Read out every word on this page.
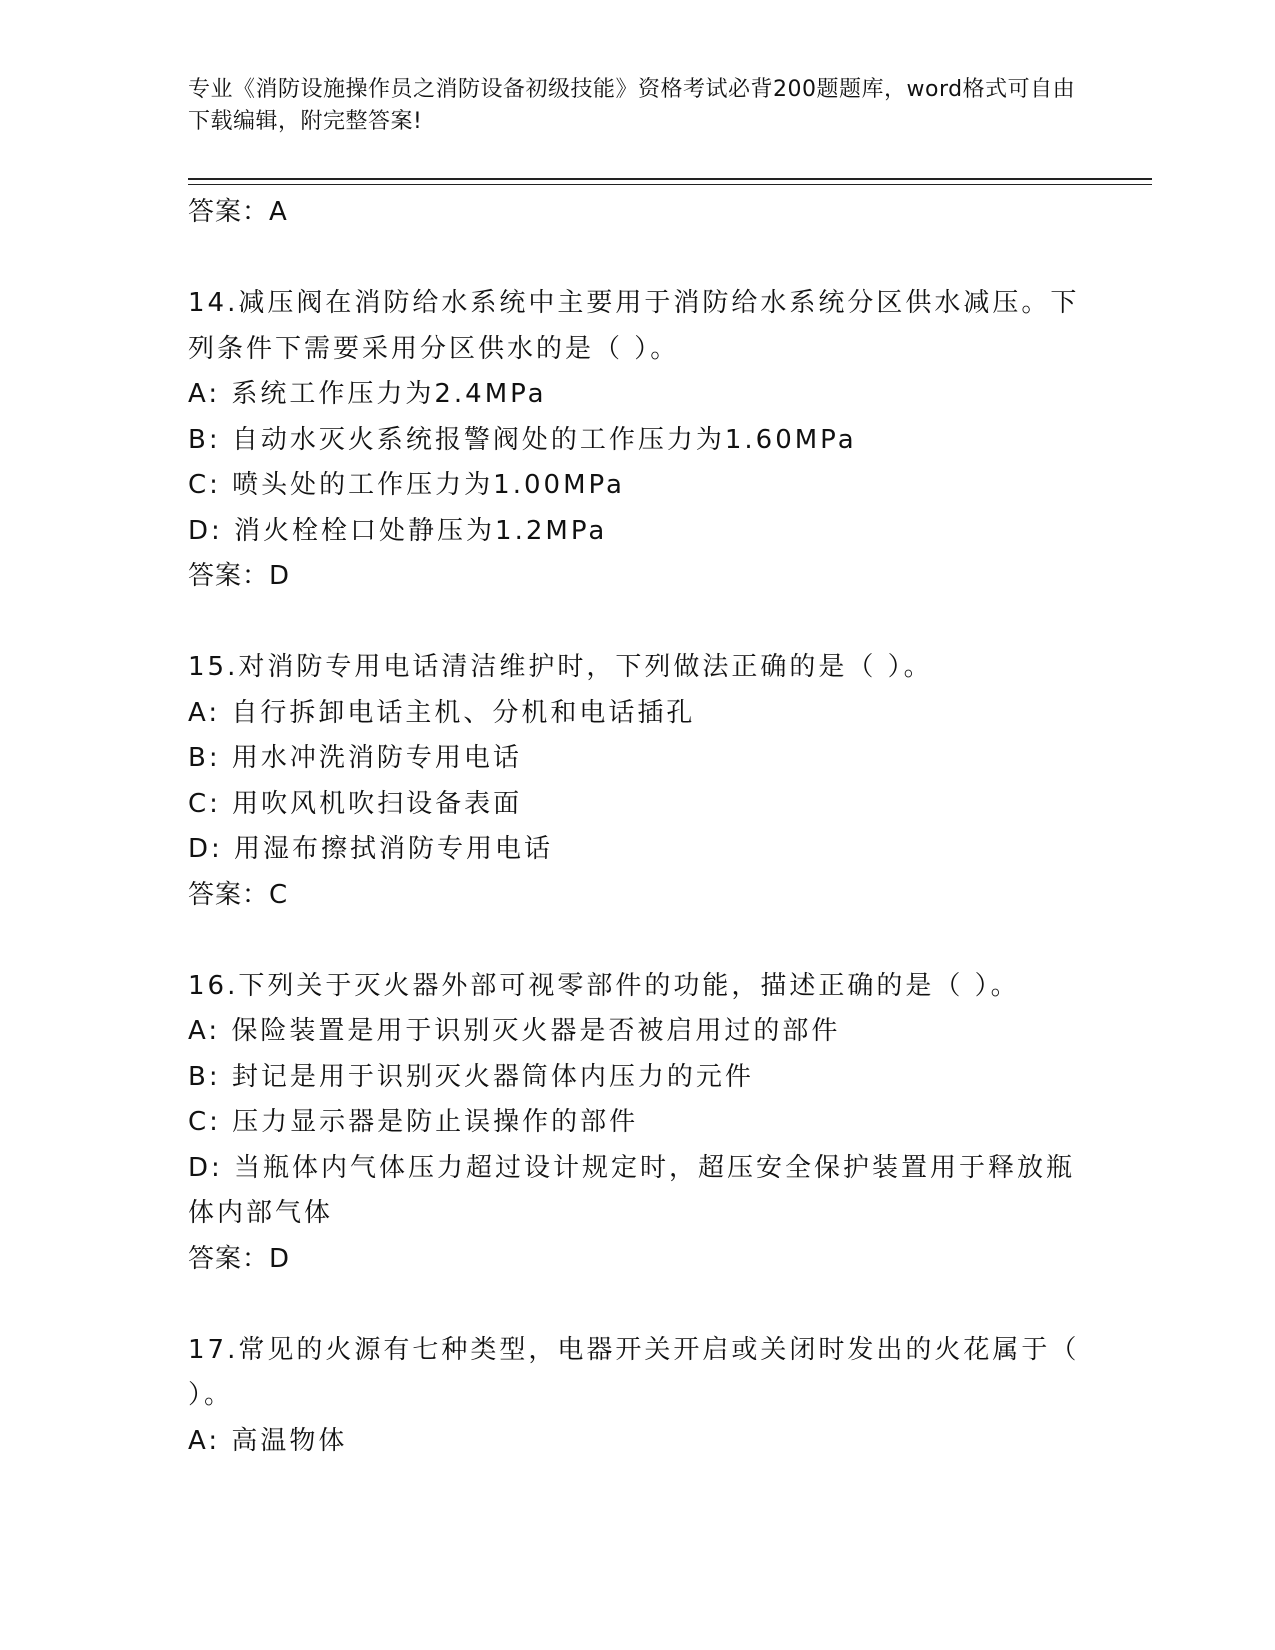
专业《消防设施操作员之消防设备初级技能》资格考试必背200题题库，word格式可自由下载编辑，附完整答案!
答案：A
14.减压阀在消防给水系统中主要用于消防给水系统分区供水减压。下
列条件下需要采用分区供水的是（ ）。
A: 系统工作压力为2.4MPa
B: 自动水灭火系统报警阀处的工作压力为1.60MPa
C: 喷头处的工作压力为1.00MPa
D: 消火栓栓口处静压为1.2MPa
答案：D
15.对消防专用电话清洁维护时，下列做法正确的是（ ）。
A: 自行拆卸电话主机、分机和电话插孔
B: 用水冲洗消防专用电话
C: 用吹风机吹扫设备表面
D: 用湿布擦拭消防专用电话
答案：C
16.下列关于灭火器外部可视零部件的功能，描述正确的是（ ）。
A: 保险装置是用于识别灭火器是否被启用过的部件
B: 封记是用于识别灭火器筒体内压力的元件
C: 压力显示器是防止误操作的部件
D: 当瓶体内气体压力超过设计规定时，超压安全保护装置用于释放瓶
体内部气体
答案：D
17.常见的火源有七种类型，电器开关开启或关闭时发出的火花属于（
）。
A: 高温物体
